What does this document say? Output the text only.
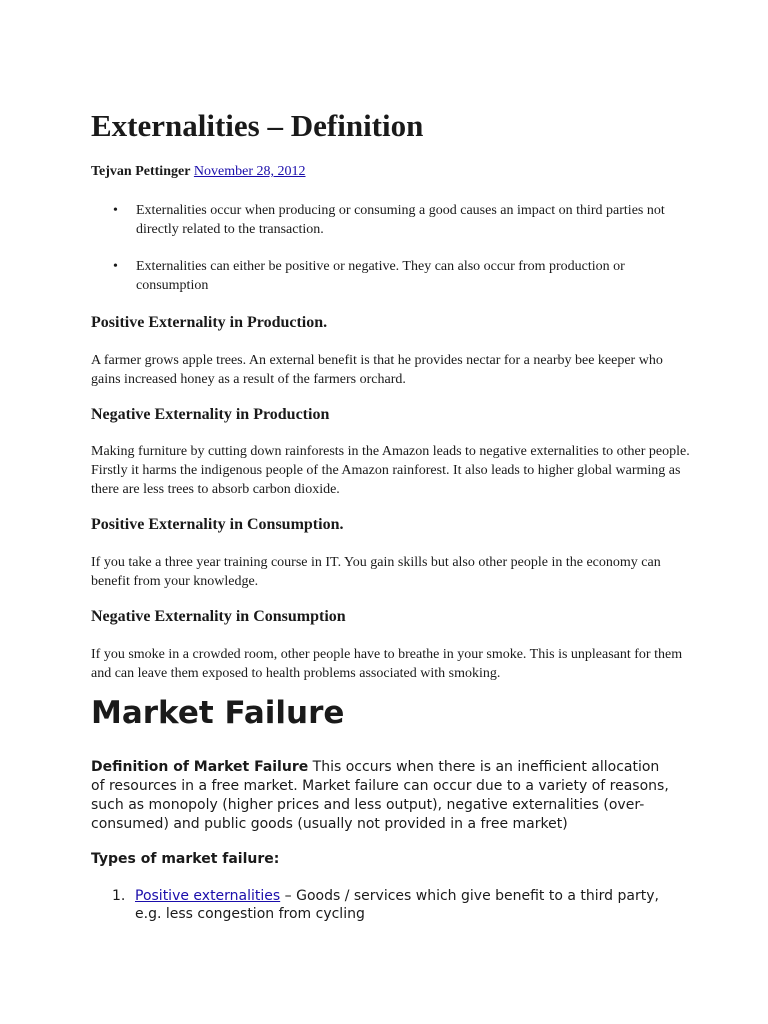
Externalities – Definition

Tejvan Pettinger November 28, 2012

• Externalities occur when producing or consuming a good causes an impact on third parties not directly related to the transaction.
• Externalities can either be positive or negative. They can also occur from production or consumption
Positive Externality in Production.

A farmer grows apple trees. An external benefit is that he provides nectar for a nearby bee keeper who gains increased honey as a result of the farmers orchard.

Negative Externality in Production

Making furniture by cutting down rainforests in the Amazon leads to negative externalities to other people. Firstly it harms the indigenous people of the Amazon rainforest. It also leads to higher global warming as there are less trees to absorb carbon dioxide.

Positive Externality in Consumption.

If you take a three year training course in IT. You gain skills but also other people in the economy can benefit from your knowledge.

Negative Externality in Consumption

If you smoke in a crowded room, other people have to breathe in your smoke. This is unpleasant for them and can leave them exposed to health problems associated with smoking.

Market Failure

Definition of Market Failure This occurs when there is an inefficient allocation of resources in a free market. Market failure can occur due to a variety of reasons, such as monopoly (higher prices and less output), negative externalities (over-consumed) and public goods (usually not provided in a free market)

Types of market failure:

1. Positive externalities – Goods / services which give benefit to a third party, e.g. less congestion from cycling
